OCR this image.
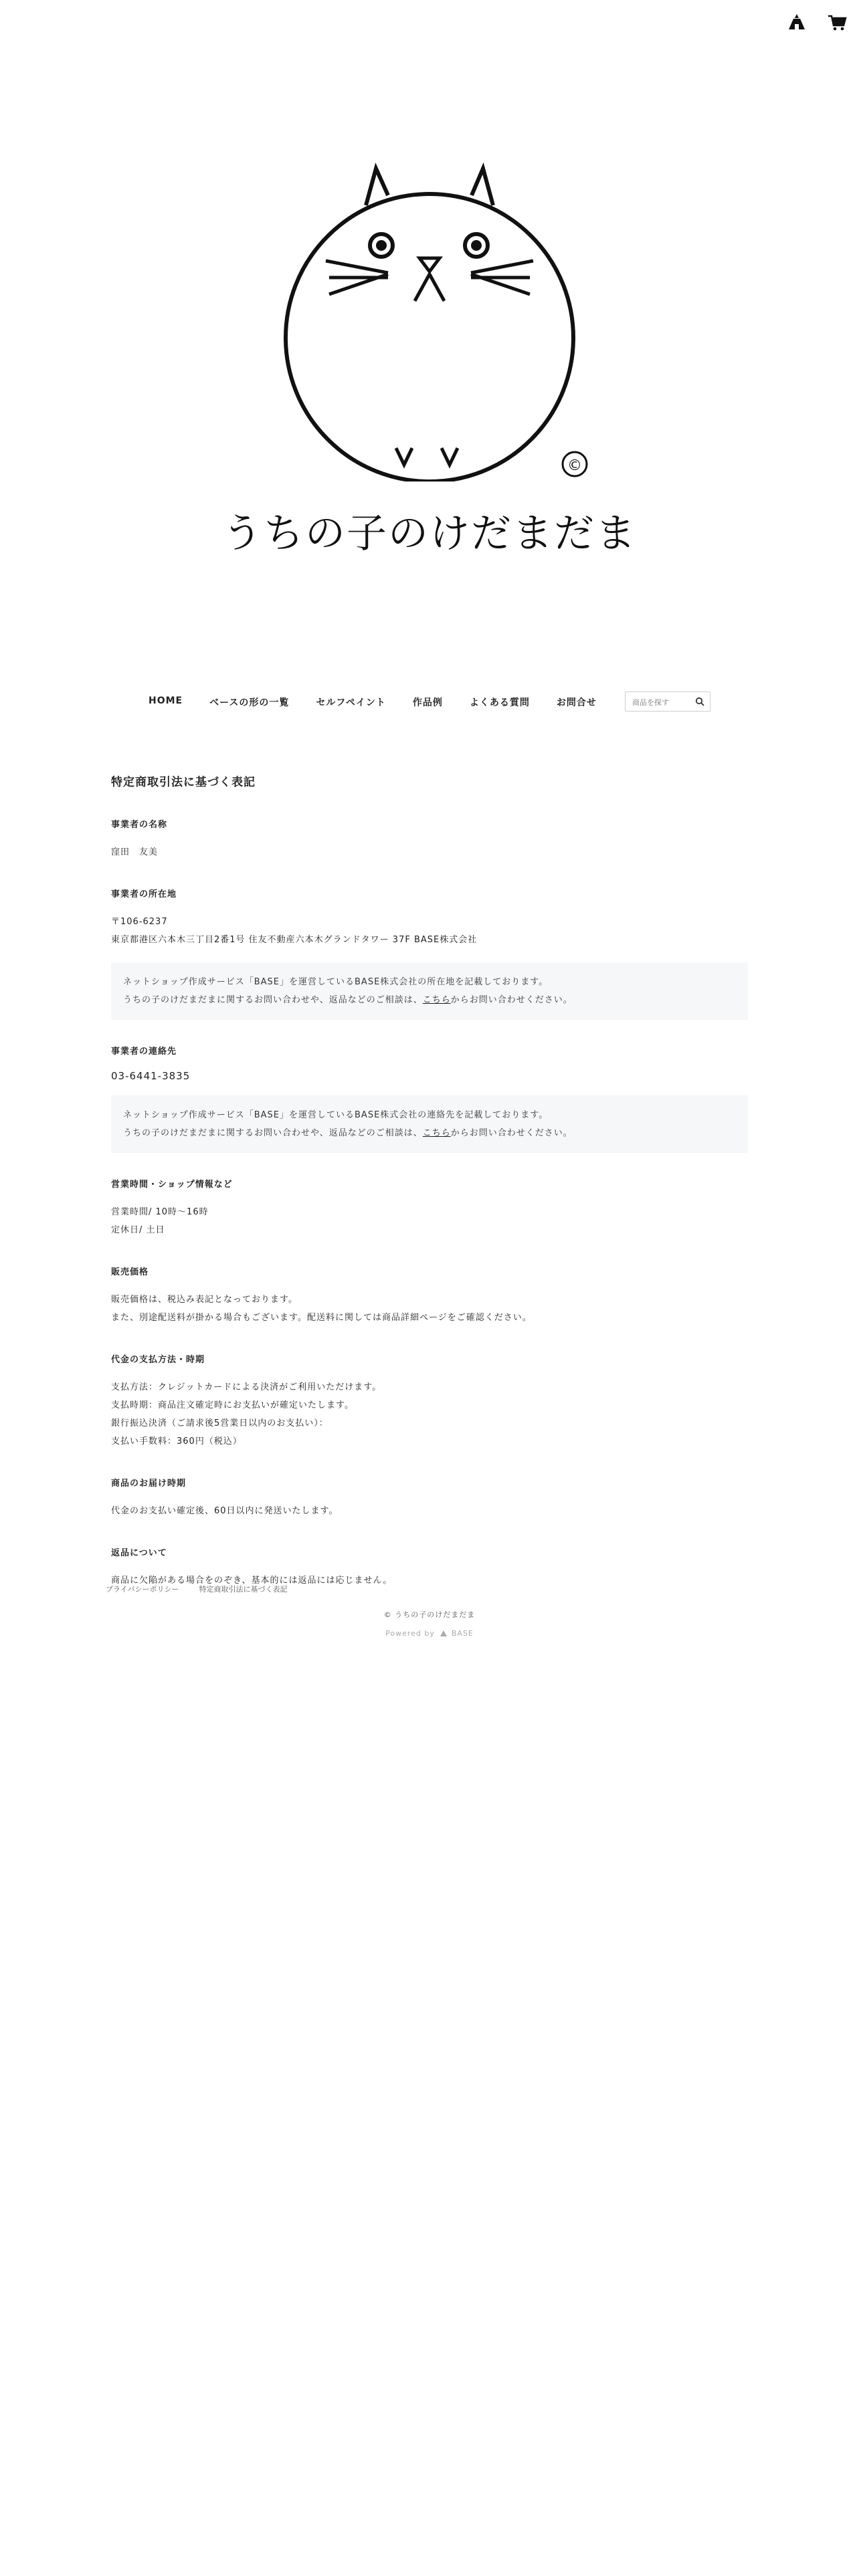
©
うちの子のけだまだま
HOME	ベースの形の一覧	セルフペイント	作品例	よくある質問	お問合せ
商品を探す
特定商取引法に基づく表記

事業者の名称

窪田　友美

事業者の所在地

〒106-6237

東京都港区六本木三丁目2番1号 住友不動産六本木グランドタワー 37F BASE株式会社

ネットショップ作成サービス「BASE」を運営しているBASE株式会社の所在地を記載しております。
うちの子のけだまだまに関するお問い合わせや、返品などのご相談は、こちらからお問い合わせください。

事業者の連絡先

03-6441-3835

ネットショップ作成サービス「BASE」を運営しているBASE株式会社の連絡先を記載しております。
うちの子のけだまだまに関するお問い合わせや、返品などのご相談は、こちらからお問い合わせください。

営業時間・ショップ情報など

営業時間/ 10時〜16時

定休日/ 土日

販売価格

販売価格は、税込み表記となっております。

また、別途配送料が掛かる場合もございます。配送料に関しては商品詳細ページをご確認ください。

代金の支払方法・時期

支払方法：クレジットカードによる決済がご利用いただけます。

支払時期：商品注文確定時にお支払いが確定いたします。

銀行振込決済（ご請求後5営業日以内のお支払い）：

支払い手数料：360円（税込）

商品のお届け時期

代金のお支払い確定後、60日以内に発送いたします。

返品について

商品に欠陥がある場合をのぞき、基本的には返品には応じません。

プライバシーポリシー	特定商取引法に基づく表記
© うちの子のけだまだま
Powered by BASE
